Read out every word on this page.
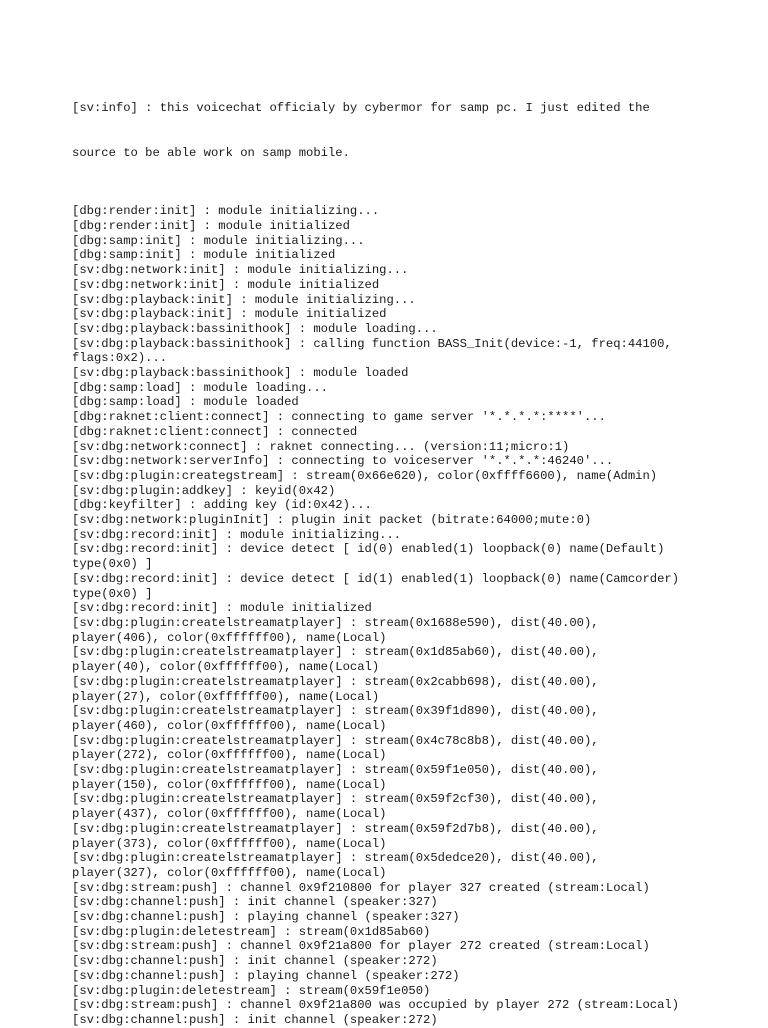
[sv:info] : this voicechat officialy by cybermor for samp pc. I just edited the

source to be able work on samp mobile.

[dbg:render:init] : module initializing...
[dbg:render:init] : module initialized
[dbg:samp:init] : module initializing...
[dbg:samp:init] : module initialized
[sv:dbg:network:init] : module initializing...
[sv:dbg:network:init] : module initialized
[sv:dbg:playback:init] : module initializing...
[sv:dbg:playback:init] : module initialized
[sv:dbg:playback:bassinithook] : module loading...
[sv:dbg:playback:bassinithook] : calling function BASS_Init(device:-1, freq:44100,
flags:0x2)...
[sv:dbg:playback:bassinithook] : module loaded
[dbg:samp:load] : module loading...
[dbg:samp:load] : module loaded
[dbg:raknet:client:connect] : connecting to game server '*.*.*.*:****'...
[dbg:raknet:client:connect] : connected
[sv:dbg:network:connect] : raknet connecting... (version:11;micro:1)
[sv:dbg:network:serverInfo] : connecting to voiceserver '*.*.*.*:46240'...
[sv:dbg:plugin:creategstream] : stream(0x66e620), color(0xffff6600), name(Admin)
[sv:dbg:plugin:addkey] : keyid(0x42)
[dbg:keyfilter] : adding key (id:0x42)...
[sv:dbg:network:pluginInit] : plugin init packet (bitrate:64000;mute:0)
[sv:dbg:record:init] : module initializing...
[sv:dbg:record:init] : device detect [ id(0) enabled(1) loopback(0) name(Default)
type(0x0) ]
[sv:dbg:record:init] : device detect [ id(1) enabled(1) loopback(0) name(Camcorder)
type(0x0) ]
[sv:dbg:record:init] : module initialized
[sv:dbg:plugin:createlstreamatplayer] : stream(0x1688e590), dist(40.00),
player(406), color(0xffffff00), name(Local)
[sv:dbg:plugin:createlstreamatplayer] : stream(0x1d85ab60), dist(40.00),
player(40), color(0xffffff00), name(Local)
[sv:dbg:plugin:createlstreamatplayer] : stream(0x2cabb698), dist(40.00),
player(27), color(0xffffff00), name(Local)
[sv:dbg:plugin:createlstreamatplayer] : stream(0x39f1d890), dist(40.00),
player(460), color(0xffffff00), name(Local)
[sv:dbg:plugin:createlstreamatplayer] : stream(0x4c78c8b8), dist(40.00),
player(272), color(0xffffff00), name(Local)
[sv:dbg:plugin:createlstreamatplayer] : stream(0x59f1e050), dist(40.00),
player(150), color(0xffffff00), name(Local)
[sv:dbg:plugin:createlstreamatplayer] : stream(0x59f2cf30), dist(40.00),
player(437), color(0xffffff00), name(Local)
[sv:dbg:plugin:createlstreamatplayer] : stream(0x59f2d7b8), dist(40.00),
player(373), color(0xffffff00), name(Local)
[sv:dbg:plugin:createlstreamatplayer] : stream(0x5dedce20), dist(40.00),
player(327), color(0xffffff00), name(Local)
[sv:dbg:stream:push] : channel 0x9f210800 for player 327 created (stream:Local)
[sv:dbg:channel:push] : init channel (speaker:327)
[sv:dbg:channel:push] : playing channel (speaker:327)
[sv:dbg:plugin:deletestream] : stream(0x1d85ab60)
[sv:dbg:stream:push] : channel 0x9f21a800 for player 272 created (stream:Local)
[sv:dbg:channel:push] : init channel (speaker:272)
[sv:dbg:channel:push] : playing channel (speaker:272)
[sv:dbg:plugin:deletestream] : stream(0x59f1e050)
[sv:dbg:stream:push] : channel 0x9f21a800 was occupied by player 272 (stream:Local)
[sv:dbg:channel:push] : init channel (speaker:272)
